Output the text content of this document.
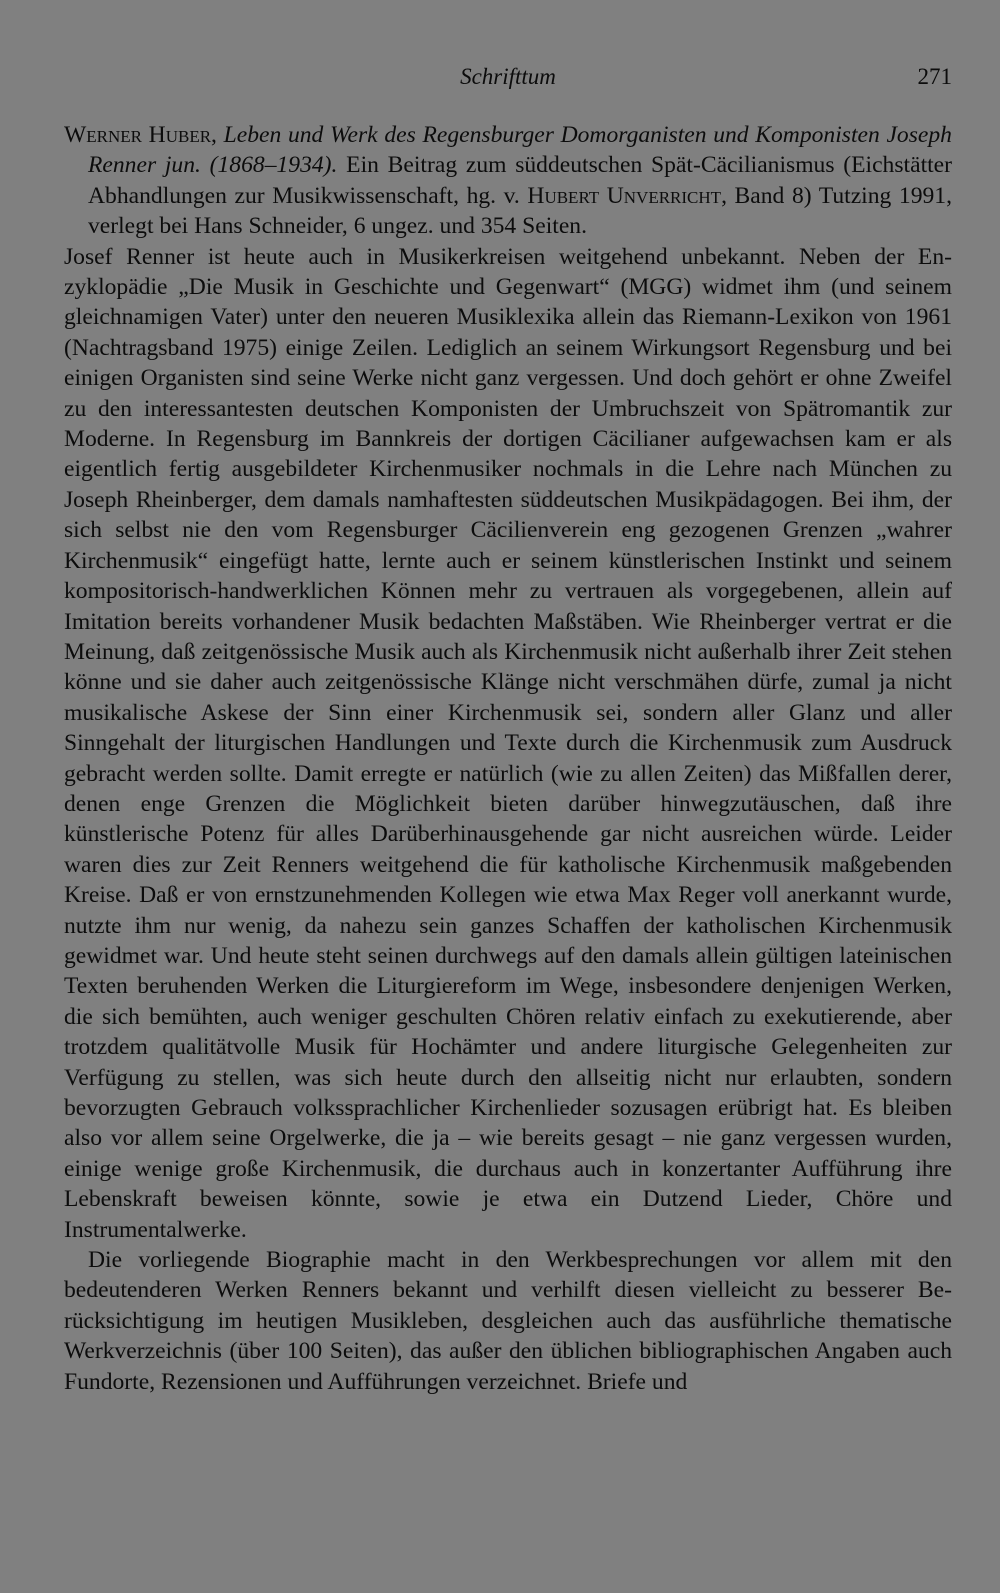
Schrifttum	271

Werner Huber, Leben und Werk des Regensburger Domorganisten und Komponisten Joseph Renner jun. (1868–1934). Ein Beitrag zum süddeutschen Spät-Cäcilianismus (Eichstätter Abhandlungen zur Musikwissenschaft, hg. v. Hubert Unverricht, Band 8) Tutzing 1991, verlegt bei Hans Schneider, 6 ungez. und 354 Seiten.

Josef Renner ist heute auch in Musikerkreisen weitgehend unbekannt. Neben der Enzyklopädie „Die Musik in Geschichte und Gegenwart“ (MGG) widmet ihm (und seinem gleichnamigen Vater) unter den neueren Musiklexika allein das Riemann-Lexikon von 1961 (Nachtragsband 1975) einige Zeilen. Lediglich an seinem Wirkungsort Regensburg und bei einigen Organisten sind seine Werke nicht ganz vergessen. Und doch gehört er ohne Zweifel zu den interessantesten deutschen Komponisten der Umbruchszeit von Spätromantik zur Moderne. In Regensburg im Bannkreis der dortigen Cäcilianer aufgewachsen kam er als eigentlich fertig ausgebildeter Kirchenmusiker nochmals in die Lehre nach München zu Joseph Rheinberger, dem damals namhaftesten süddeutschen Musikpädagogen. Bei ihm, der sich selbst nie den vom Regensburger Cäcilienverein eng gezogenen Grenzen „wahrer Kirchenmusik“ eingefügt hatte, lernte auch er seinem künstlerischen Instinkt und seinem kompositorisch-handwerklichen Können mehr zu vertrauen als vorgegebenen, allein auf Imitation bereits vorhandener Musik bedachten Maßstäben. Wie Rheinberger vertrat er die Meinung, daß zeitgenössische Musik auch als Kirchenmusik nicht außerhalb ihrer Zeit stehen könne und sie daher auch zeitgenössische Klänge nicht verschmähen dürfe, zumal ja nicht musikalische Askese der Sinn einer Kirchenmusik sei, sondern aller Glanz und aller Sinngehalt der liturgischen Handlungen und Texte durch die Kirchenmusik zum Ausdruck gebracht werden sollte. Damit erregte er natürlich (wie zu allen Zeiten) das Mißfallen derer, denen enge Grenzen die Möglichkeit bieten darüber hinwegzutäuschen, daß ihre künstlerische Potenz für alles Darüberhinausgehende gar nicht ausreichen würde. Leider waren dies zur Zeit Renners weitgehend die für katholische Kirchenmusik maßgebenden Kreise. Daß er von ernstzunehmenden Kollegen wie etwa Max Reger voll anerkannt wurde, nutzte ihm nur wenig, da nahezu sein ganzes Schaffen der katholischen Kirchenmusik gewidmet war. Und heute steht seinen durchwegs auf den damals allein gültigen lateinischen Texten beruhenden Werken die Liturgiereform im Wege, insbesondere denjenigen Werken, die sich bemühten, auch weniger geschulten Chören relativ einfach zu exekutierende, aber trotzdem qualitätvolle Musik für Hochämter und andere liturgische Gelegenheiten zur Verfügung zu stellen, was sich heute durch den allseitig nicht nur erlaubten, sondern bevorzugten Gebrauch volkssprachlicher Kirchenlieder sozusagen erübrigt hat. Es bleiben also vor allem seine Orgelwerke, die ja – wie bereits gesagt – nie ganz vergessen wurden, einige wenige große Kirchenmusik, die durchaus auch in konzertanter Aufführung ihre Lebenskraft beweisen könnte, sowie je etwa ein Dutzend Lieder, Chöre und Instrumentalwerke.

Die vorliegende Biographie macht in den Werkbesprechungen vor allem mit den bedeutenderen Werken Renners bekannt und verhilft diesen vielleicht zu besserer Berücksichtigung im heutigen Musikleben, desgleichen auch das ausführliche thematische Werkverzeichnis (über 100 Seiten), das außer den üblichen bibliographischen Angaben auch Fundorte, Rezensionen und Aufführungen verzeichnet. Briefe und
